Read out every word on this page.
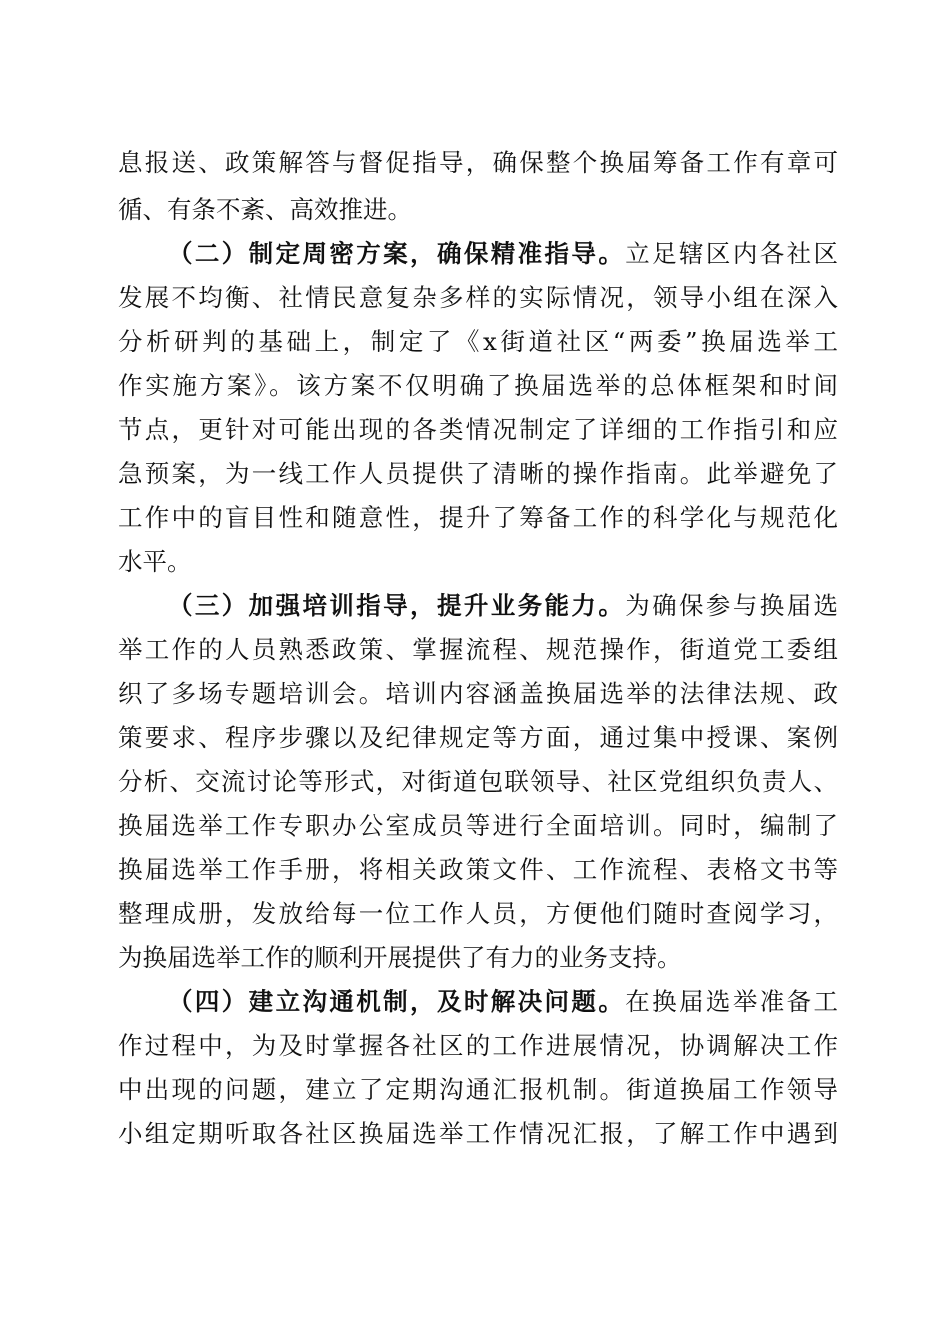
息报送、政策解答与督促指导，确保整个换届筹备工作有章可
循、有条不紊、高效推进。
（二）制定周密方案，确保精准指导。立足辖区内各社区
发展不均衡、社情民意复杂多样的实际情况，领导小组在深入
分析研判的基础上，制定了《x街道社区“两委”换届选举工
作实施方案》。该方案不仅明确了换届选举的总体框架和时间
节点，更针对可能出现的各类情况制定了详细的工作指引和应
急预案，为一线工作人员提供了清晰的操作指南。此举避免了
工作中的盲目性和随意性，提升了筹备工作的科学化与规范化
水平。
（三）加强培训指导，提升业务能力。为确保参与换届选
举工作的人员熟悉政策、掌握流程、规范操作，街道党工委组
织了多场专题培训会。培训内容涵盖换届选举的法律法规、政
策要求、程序步骤以及纪律规定等方面，通过集中授课、案例
分析、交流讨论等形式，对街道包联领导、社区党组织负责人、
换届选举工作专职办公室成员等进行全面培训。同时，编制了
换届选举工作手册，将相关政策文件、工作流程、表格文书等
整理成册，发放给每一位工作人员，方便他们随时查阅学习，
为换届选举工作的顺利开展提供了有力的业务支持。
（四）建立沟通机制，及时解决问题。在换届选举准备工
作过程中，为及时掌握各社区的工作进展情况，协调解决工作
中出现的问题，建立了定期沟通汇报机制。街道换届工作领导
小组定期听取各社区换届选举工作情况汇报，了解工作中遇到
